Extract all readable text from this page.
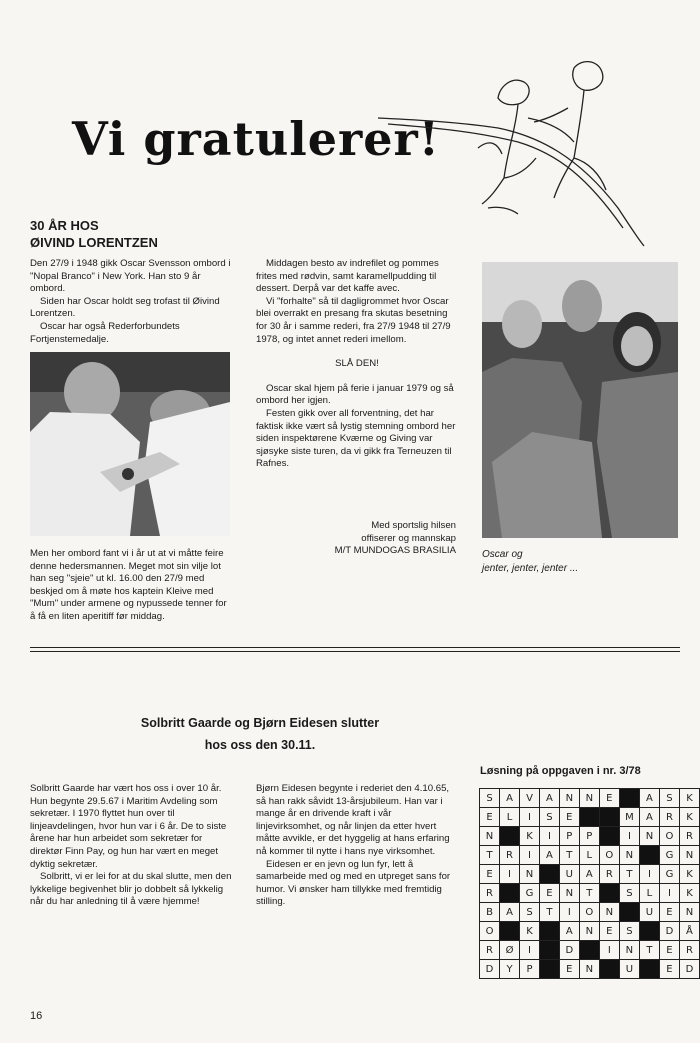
Vi gratulerer!
30 ÅR HOS
ØIVIND LORENTZEN

Den 27/9 i 1948 gikk Oscar Svensson ombord i "Nopal Branco" i New York. Han sto 9 år ombord.

Siden har Oscar holdt seg trofast til Øivind Lorentzen.

Oscar har også Rederforbundets Fortjenstemedalje.

Men her ombord fant vi i år ut at vi måtte feire denne hedersmannen. Meget mot sin vilje lot han seg "sjeie" ut kl. 16.00 den 27/9 med beskjed om å møte hos kaptein Kleive med "Mum" under armene og nypussede tenner for å få en liten aperitiff før middag.

Middagen besto av indrefilet og pommes frites med rødvin, samt karamellpudding til dessert. Derpå var det kaffe avec.

Vi "forhalte" så til dagligrommet hvor Oscar blei overrakt en presang fra skutas besetning for 30 år i samme rederi, fra 27/9 1948 til 27/9 1978, og intet annet rederi imellom.

SLÅ DEN!

Oscar skal hjem på ferie i januar 1979 og så ombord her igjen.

Festen gikk over all forventning, det har faktisk ikke vært så lystig stemning ombord her siden inspektørene Kværne og Giving var sjøsyke siste turen, da vi gikk fra Terneuzen til Rafnes.

Med sportslig hilsen

offiserer og mannskap

M/T MUNDOGAS BRASILIA	Oscar og
jenter, jenter, jenter ...
Solbritt Gaarde og Bjørn Eidesen slutter
hos oss den 30.11.

Solbritt Gaarde har vært hos oss i over 10 år. Hun begynte 29.5.67 i Maritim Avdeling som sekretær. I 1970 flyttet hun over til linjeavdelingen, hvor hun var i 6 år. De to siste årene har hun arbeidet som sekretær for direktør Finn Pay, og hun har vært en meget dyktig sekretær.

Solbritt, vi er lei for at du skal slutte, men den lykkelige begivenhet blir jo dobbelt så lykkelig når du har anledning til å være hjemme!

Bjørn Eidesen begynte i rederiet den 4.10.65, så han rakk såvidt 13-årsjubileum. Han var i mange år en drivende kraft i vår linjevirksomhet, og når linjen da etter hvert måtte avvikle, er det hyggelig at hans erfaring nå kommer til nytte i hans nye virksomhet.

Eidesen er en jevn og lun fyr, lett å samarbeide med og med en utpreget sans for humor. Vi ønsker ham tillykke med fremtidig stilling.

Løsning på oppgaven i nr. 3/78
S	A	V	A	N	N	E		A	S	K
E	L	I	S	E			M	A	R	K
N		K	I	P	P		I	N	O	R
T	R	I	A	T	L	O	N		G	N
E	I	N		U	A	R	T	I	G	K
R		G	E	N	T		S	L	I	K
B	A	S	T	I	O	N		U	E	N
O		K		A	N	E	S		D	Å
R	Ø	I		D		I	N	T	E	R
D	Y	P		E	N		U		E	D
16
